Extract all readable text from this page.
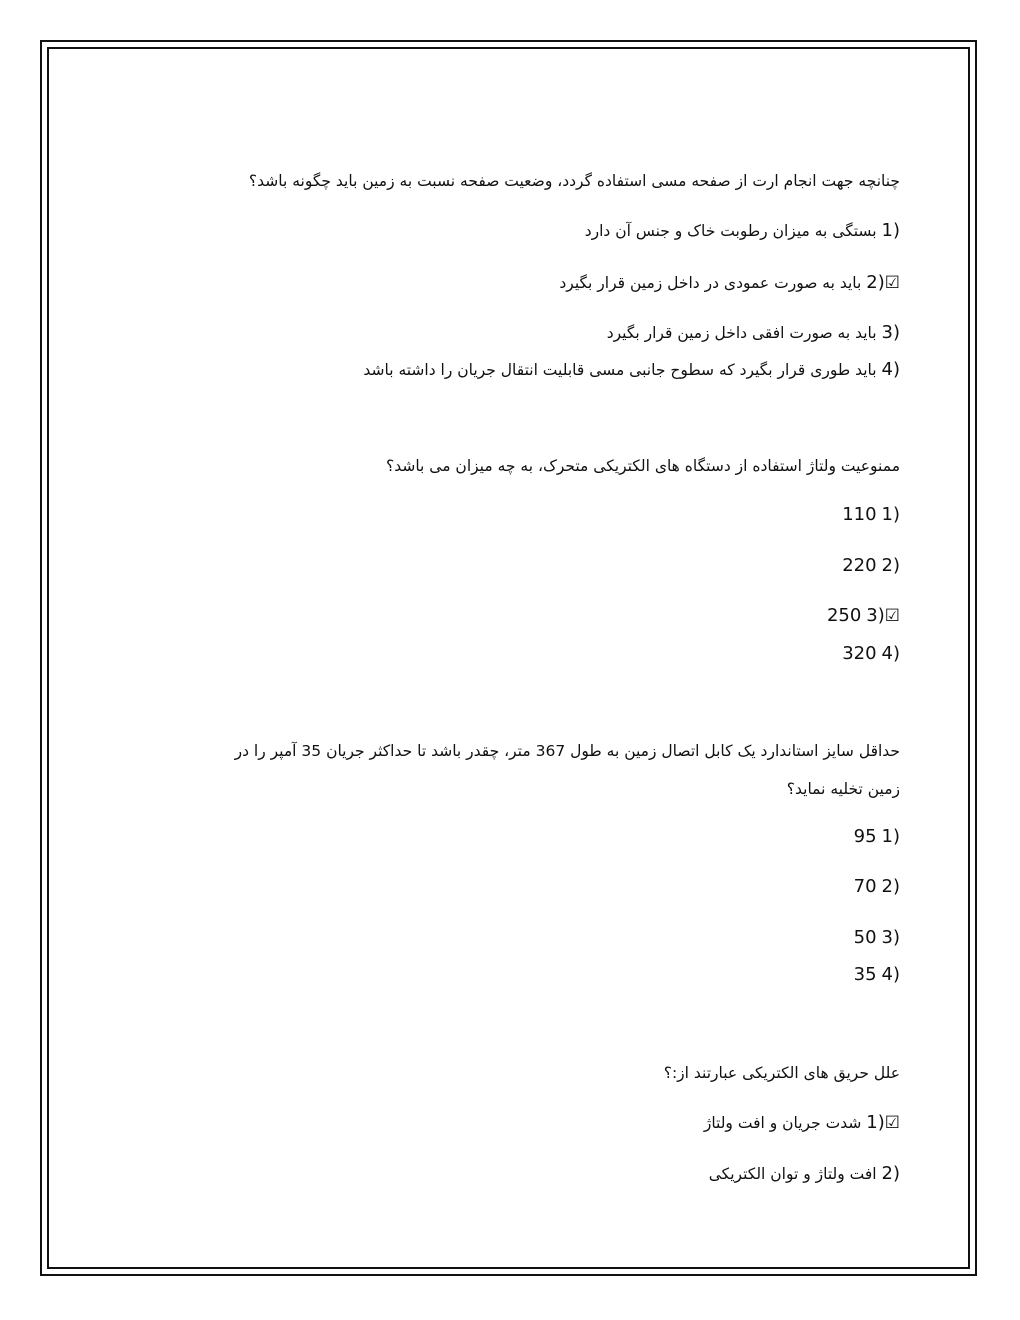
چنانچه جهت انجام ارت از صفحه مسی استفاده گردد، وضعیت صفحه نسبت به زمین باید چگونه باشد؟
1) بستگی به میزان رطوبت خاک و جنس آن دارد
☑2) باید به صورت عمودی در داخل زمین قرار بگیرد
3) باید به صورت افقی داخل زمین قرار بگیرد
4) باید طوری قرار بگیرد که سطوح جانبی مسی قابلیت انتقال جریان را داشته باشد
ممنوعیت ولتاژ استفاده از دستگاه های الکتریکی متحرک، به چه میزان می باشد؟
1) 110
2) 220
☑3) 250
4) 320
حداقل سایز استاندارد یک کابل اتصال زمین به طول 367 متر، چقدر باشد تا حداکثر جریان 35 آمپر را در
زمین تخلیه نماید؟
1) 95
2) 70
3) 50
4) 35
علل حریق های الکتریکی عبارتند از:؟
☑1) شدت جریان و افت ولتاژ
2) افت ولتاژ و توان الکتریکی
